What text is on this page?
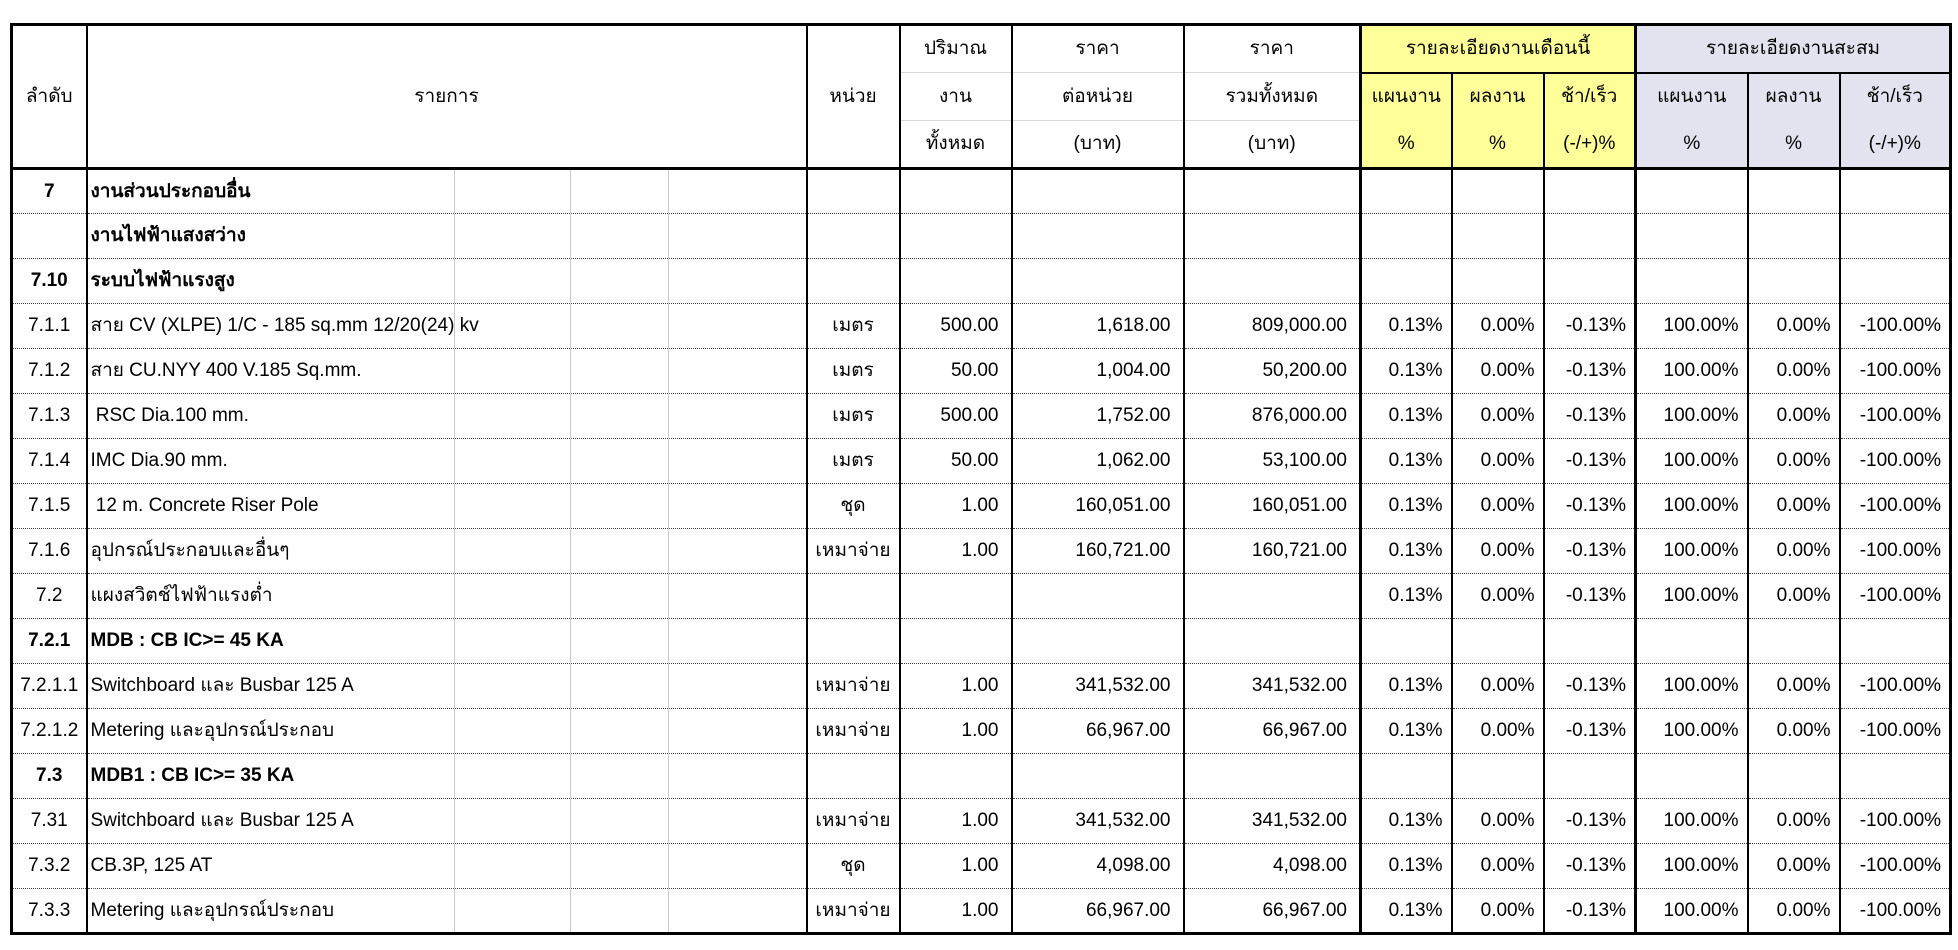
ลำดับ	รายการ	หน่วย	ปริมาณ	ราคา	ราคา	รายละเอียดงานเดือนนี้			รายละเอียดงานสะสม		
			งาน	ต่อหน่วย	รวมทั้งหมด	แผนงาน	ผลงาน	ช้า/เร็ว	แผนงาน	ผลงาน	ช้า/เร็ว
			ทั้งหมด	(บาท)	(บาท)	%	%	(-/+)%	%	%	(-/+)%
7	งานส่วนประกอบอื่น										
	งานไฟฟ้าแสงสว่าง										
7.10	ระบบไฟฟ้าแรงสูง										
7.1.1	สาย CV (XLPE) 1/C - 185 sq.mm 12/20(24) kv	เมตร	500.00	1,618.00	809,000.00	0.13%	0.00%	-0.13%	100.00%	0.00%	-100.00%
7.1.2	สาย CU.NYY 400 V.185 Sq.mm.	เมตร	50.00	1,004.00	50,200.00	0.13%	0.00%	-0.13%	100.00%	0.00%	-100.00%
7.1.3	RSC Dia.100 mm.	เมตร	500.00	1,752.00	876,000.00	0.13%	0.00%	-0.13%	100.00%	0.00%	-100.00%
7.1.4	IMC Dia.90 mm.	เมตร	50.00	1,062.00	53,100.00	0.13%	0.00%	-0.13%	100.00%	0.00%	-100.00%
7.1.5	12 m. Concrete Riser Pole	ชุด	1.00	160,051.00	160,051.00	0.13%	0.00%	-0.13%	100.00%	0.00%	-100.00%
7.1.6	อุปกรณ์ประกอบและอื่นๆ	เหมาจ่าย	1.00	160,721.00	160,721.00	0.13%	0.00%	-0.13%	100.00%	0.00%	-100.00%
7.2	แผงสวิตช์ไฟฟ้าแรงต่ำ					0.13%	0.00%	-0.13%	100.00%	0.00%	-100.00%
7.2.1	MDB : CB IC>= 45 KA										
7.2.1.1	Switchboard และ Busbar 125 A	เหมาจ่าย	1.00	341,532.00	341,532.00	0.13%	0.00%	-0.13%	100.00%	0.00%	-100.00%
7.2.1.2	Metering และอุปกรณ์ประกอบ	เหมาจ่าย	1.00	66,967.00	66,967.00	0.13%	0.00%	-0.13%	100.00%	0.00%	-100.00%
7.3	MDB1 : CB IC>= 35 KA										
7.31	Switchboard และ Busbar 125 A	เหมาจ่าย	1.00	341,532.00	341,532.00	0.13%	0.00%	-0.13%	100.00%	0.00%	-100.00%
7.3.2	CB.3P, 125 AT	ชุด	1.00	4,098.00	4,098.00	0.13%	0.00%	-0.13%	100.00%	0.00%	-100.00%
7.3.3	Metering และอุปกรณ์ประกอบ	เหมาจ่าย	1.00	66,967.00	66,967.00	0.13%	0.00%	-0.13%	100.00%	0.00%	-100.00%
